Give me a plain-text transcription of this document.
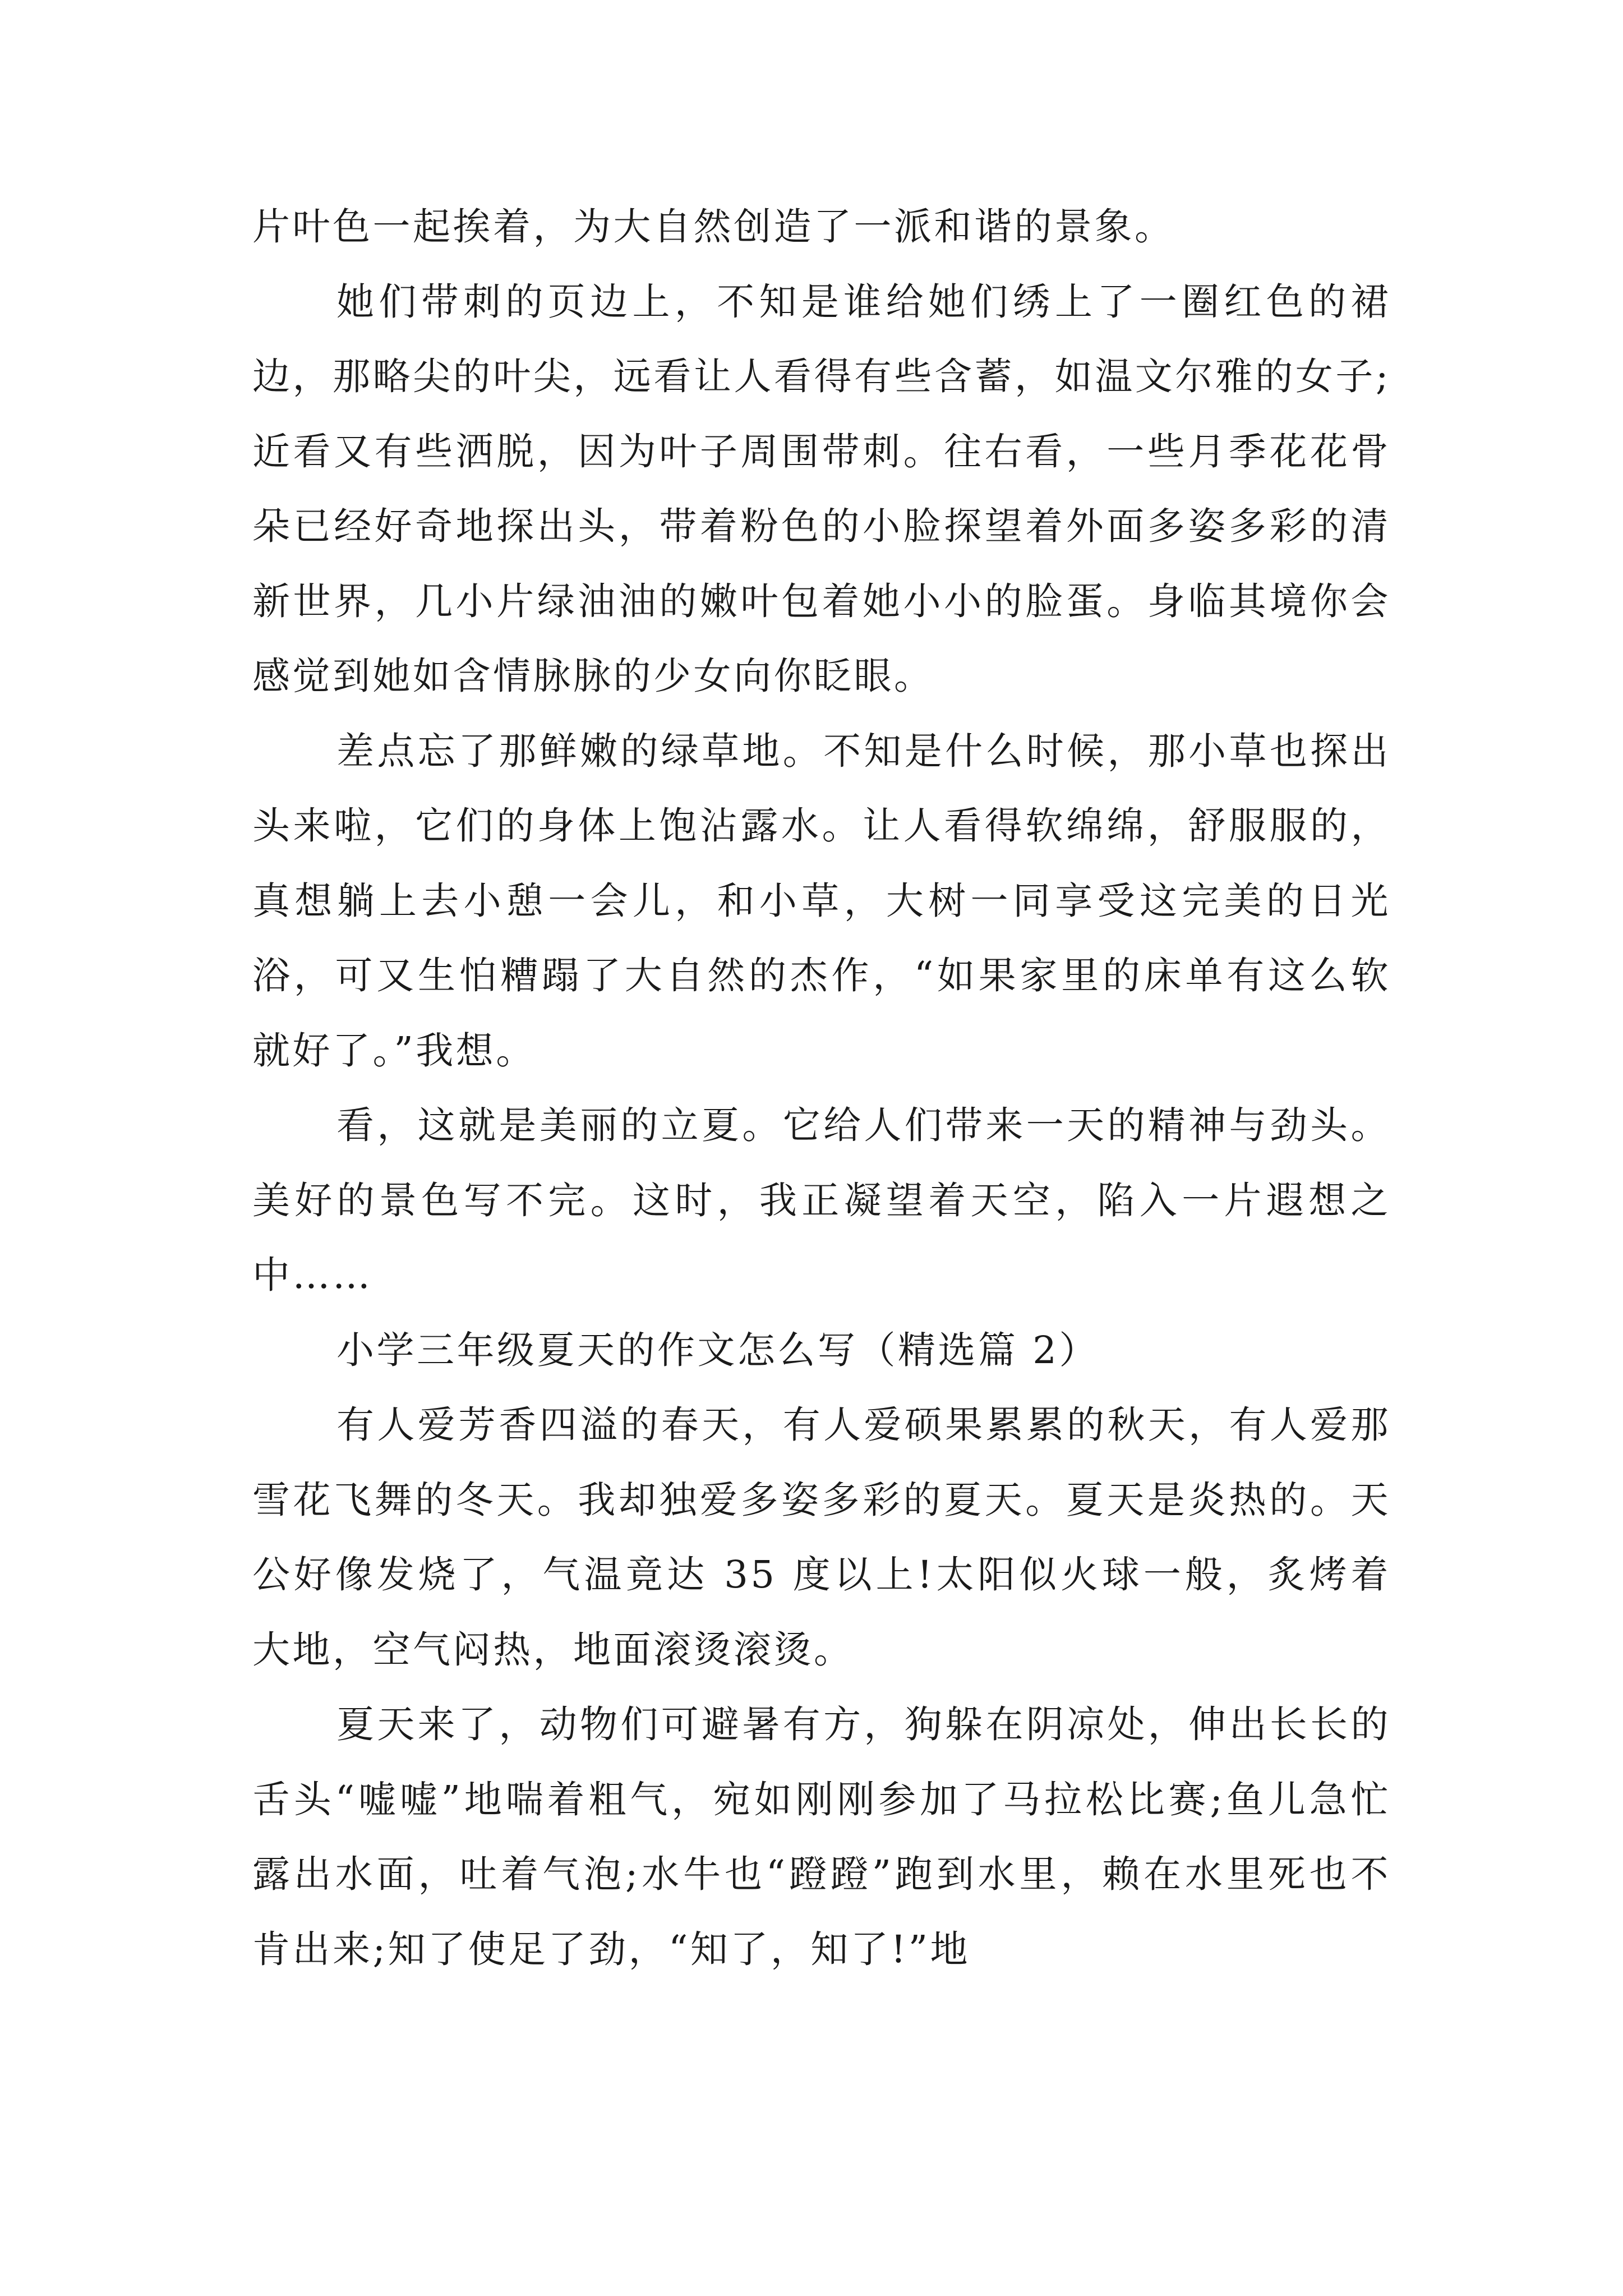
片叶色一起挨着，为大自然创造了一派和谐的景象。

她们带刺的页边上，不知是谁给她们绣上了一圈红色的裙边，那略尖的叶尖，远看让人看得有些含蓄，如温文尔雅的女子;近看又有些洒脱，因为叶子周围带刺。往右看，一些月季花花骨朵已经好奇地探出头，带着粉色的小脸探望着外面多姿多彩的清新世界，几小片绿油油的嫩叶包着她小小的脸蛋。身临其境你会感觉到她如含情脉脉的少女向你眨眼。

差点忘了那鲜嫩的绿草地。不知是什么时候，那小草也探出头来啦，它们的身体上饱沾露水。让人看得软绵绵，舒服服的，真想躺上去小憩一会儿，和小草，大树一同享受这完美的日光浴，可又生怕糟蹋了大自然的杰作，“如果家里的床单有这么软就好了。”我想。

看，这就是美丽的立夏。它给人们带来一天的精神与劲头。美好的景色写不完。这时，我正凝望着天空，陷入一片遐想之中……

小学三年级夏天的作文怎么写（精选篇 2）

有人爱芳香四溢的春天，有人爱硕果累累的秋天，有人爱那雪花飞舞的冬天。我却独爱多姿多彩的夏天。夏天是炎热的。天公好像发烧了，气温竟达 35 度以上!太阳似火球一般，炙烤着大地，空气闷热，地面滚烫滚烫。

夏天来了，动物们可避暑有方，狗躲在阴凉处，伸出长长的舌头“嘘嘘”地喘着粗气，宛如刚刚参加了马拉松比赛;鱼儿急忙露出水面，吐着气泡;水牛也“蹬蹬”跑到水里，赖在水里死也不肯出来;知了使足了劲，“知了，知了!”地
